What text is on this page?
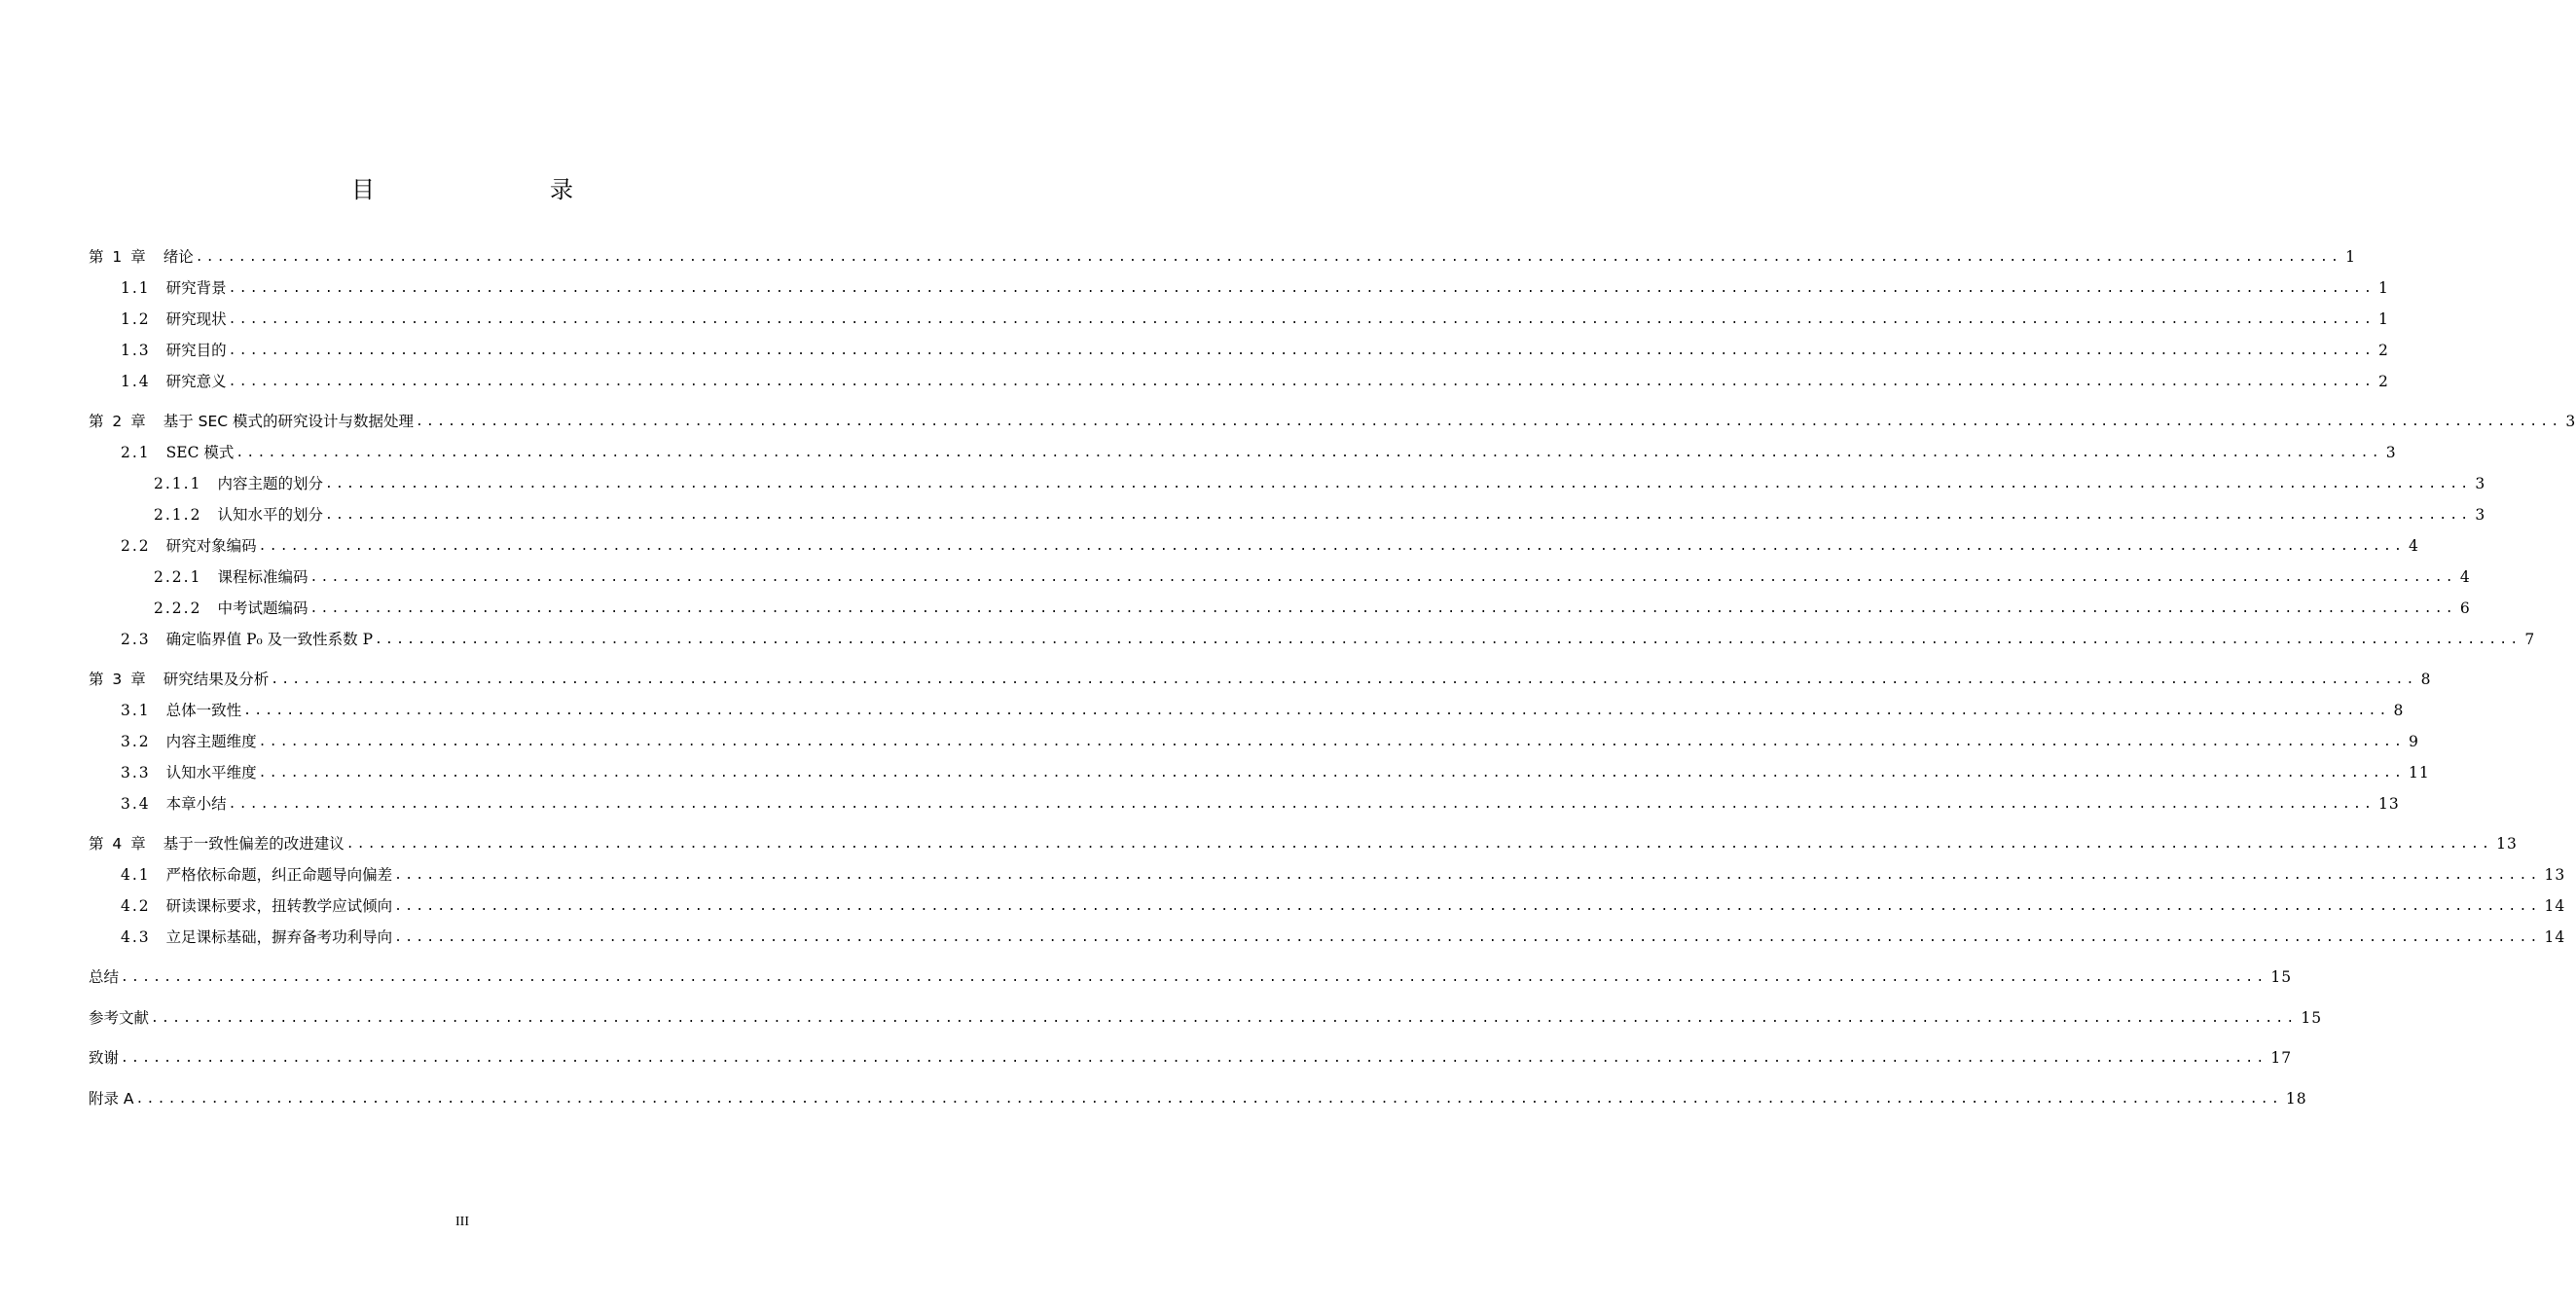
目　　录
第 1 章 绪论 ........................................................................................................................................................................................................ 1
1.1 研究背景 ........................................................................................................................................................................................................ 1
1.2 研究现状 ........................................................................................................................................................................................................ 1
1.3 研究目的 ........................................................................................................................................................................................................ 2
1.4 研究意义 ........................................................................................................................................................................................................ 2
第 2 章 基于 SEC 模式的研究设计与数据处理 ........................................................................................................................................................................................................ 3
2.1 SEC 模式 ........................................................................................................................................................................................................ 3
2.1.1 内容主题的划分 ........................................................................................................................................................................................................ 3
2.1.2 认知水平的划分 ........................................................................................................................................................................................................ 3
2.2 研究对象编码 ........................................................................................................................................................................................................ 4
2.2.1 课程标准编码 ........................................................................................................................................................................................................ 4
2.2.2 中考试题编码 ........................................................................................................................................................................................................ 6
2.3 确定临界值 P₀ 及一致性系数 P ........................................................................................................................................................................................................ 7
第 3 章 研究结果及分析 ........................................................................................................................................................................................................ 8
3.1 总体一致性 ........................................................................................................................................................................................................ 8
3.2 内容主题维度 ........................................................................................................................................................................................................ 9
3.3 认知水平维度 ........................................................................................................................................................................................................ 11
3.4 本章小结 ........................................................................................................................................................................................................ 13
第 4 章 基于一致性偏差的改进建议 ........................................................................................................................................................................................................ 13
4.1 严格依标命题，纠正命题导向偏差 ........................................................................................................................................................................................................ 13
4.2 研读课标要求，扭转教学应试倾向 ........................................................................................................................................................................................................ 14
4.3 立足课标基础，摒弃备考功利导向 ........................................................................................................................................................................................................ 14
总结 ........................................................................................................................................................................................................ 15
参考文献 ........................................................................................................................................................................................................ 15
致谢 ........................................................................................................................................................................................................ 17
附录 A ........................................................................................................................................................................................................ 18
III
